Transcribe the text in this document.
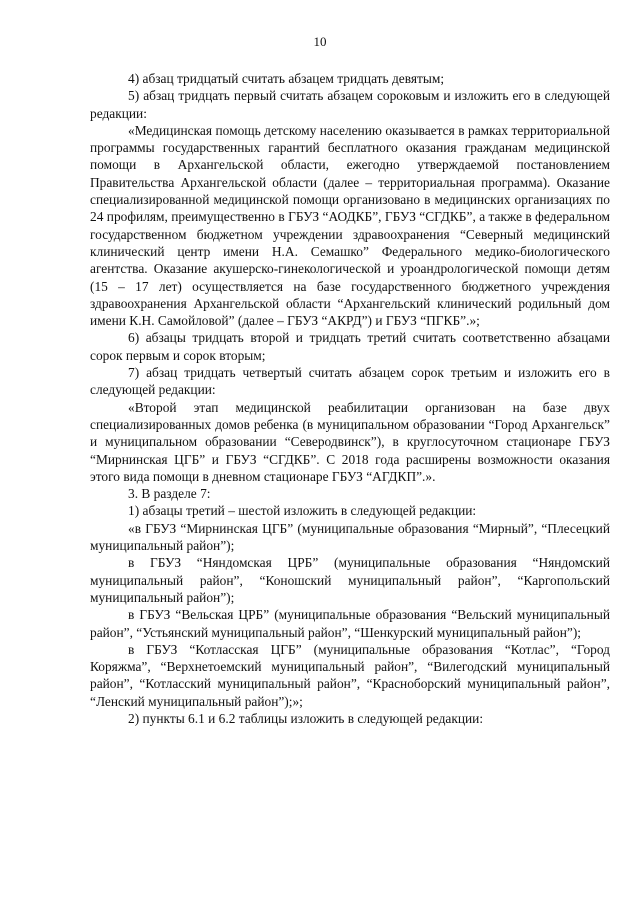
10

4) абзац тридцатый считать абзацем тридцать девятым;

5) абзац тридцать первый считать абзацем сороковым и изложить его в следующей редакции:

«Медицинская помощь детскому населению оказывается в рамках территориальной программы государственных гарантий бесплатного оказания гражданам медицинской помощи в Архангельской области, ежегодно утверждаемой постановлением Правительства Архангельской области (далее – территориальная программа). Оказание специализированной медицинской помощи организовано в медицинских организациях по 24 профилям, преимущественно в ГБУЗ “АОДКБ”, ГБУЗ “СГДКБ”, а также в федеральном государственном бюджетном учреждении здравоохранения “Северный медицинский клинический центр имени Н.А. Семашко” Федерального медико-биологического агентства. Оказание акушерско-гинекологической и уроандрологической помощи детям (15 – 17 лет) осуществляется на базе государственного бюджетного учреждения здравоохранения Архангельской области “Архангельский клинический родильный дом имени К.Н. Самойловой” (далее – ГБУЗ “АКРД”) и ГБУЗ “ПГКБ”.»;

6) абзацы тридцать второй и тридцать третий считать соответственно абзацами сорок первым и сорок вторым;

7) абзац тридцать четвертый считать абзацем сорок третьим и изложить его в следующей редакции:

«Второй этап медицинской реабилитации организован на базе двух специализированных домов ребенка (в муниципальном образовании “Город Архангельск” и муниципальном образовании “Северодвинск”), в круглосуточном стационаре ГБУЗ “Мирнинская ЦГБ” и ГБУЗ “СГДКБ”. С 2018 года расширены возможности оказания этого вида помощи в дневном стационаре ГБУЗ “АГДКП”.».

3. В разделе 7:

1) абзацы третий – шестой изложить в следующей редакции:

«в ГБУЗ “Мирнинская ЦГБ” (муниципальные образования “Мирный”, “Плесецкий муниципальный район”);

в ГБУЗ “Няндомская ЦРБ” (муниципальные образования “Няндомский муниципальный район”, “Коношский муниципальный район”, “Каргопольский муниципальный район”);

в ГБУЗ “Вельская ЦРБ” (муниципальные образования “Вельский муниципальный район”, “Устьянский муниципальный район”, “Шенкурский муниципальный район”);

в ГБУЗ “Котласская ЦГБ” (муниципальные образования “Котлас”, “Город Коряжма”, “Верхнетоемский муниципальный район”, “Вилегодский муниципальный район”, “Котласский муниципальный район”, “Красноборский муниципальный район”, “Ленский муниципальный район”);»;

2) пункты 6.1 и 6.2 таблицы изложить в следующей редакции:
